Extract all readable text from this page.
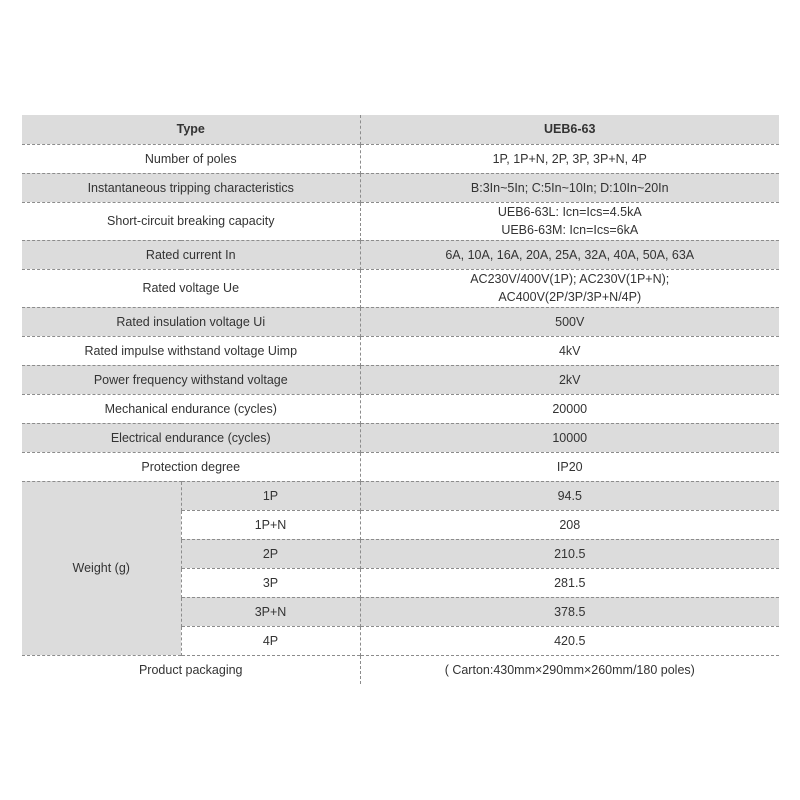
Type		UEB6-63
Number of poles		1P, 1P+N, 2P, 3P, 3P+N, 4P
Instantaneous tripping characteristics		B:3In~5In; C:5In~10In; D:10In~20In
Short-circuit breaking capacity		UEB6-63L: Icn=Ics=4.5kA
UEB6-63M: Icn=Ics=6kA

Rated current In		6A, 10A, 16A, 20A, 25A, 32A, 40A, 50A, 63A
Rated voltage Ue		AC230V/400V(1P); AC230V(1P+N);
AC400V(2P/3P/3P+N/4P)

Rated insulation voltage Ui		500V
Rated impulse withstand voltage Uimp		4kV
Power frequency withstand voltage		2kV
Mechanical endurance (cycles)		20000
Electrical endurance (cycles)		10000
Protection degree		IP20
Weight (g)	1P	94.5
	1P+N	208
	2P	210.5
	3P	281.5
	3P+N	378.5
	4P	420.5
Product packaging		( Carton:430mm×290mm×260mm/180 poles)
